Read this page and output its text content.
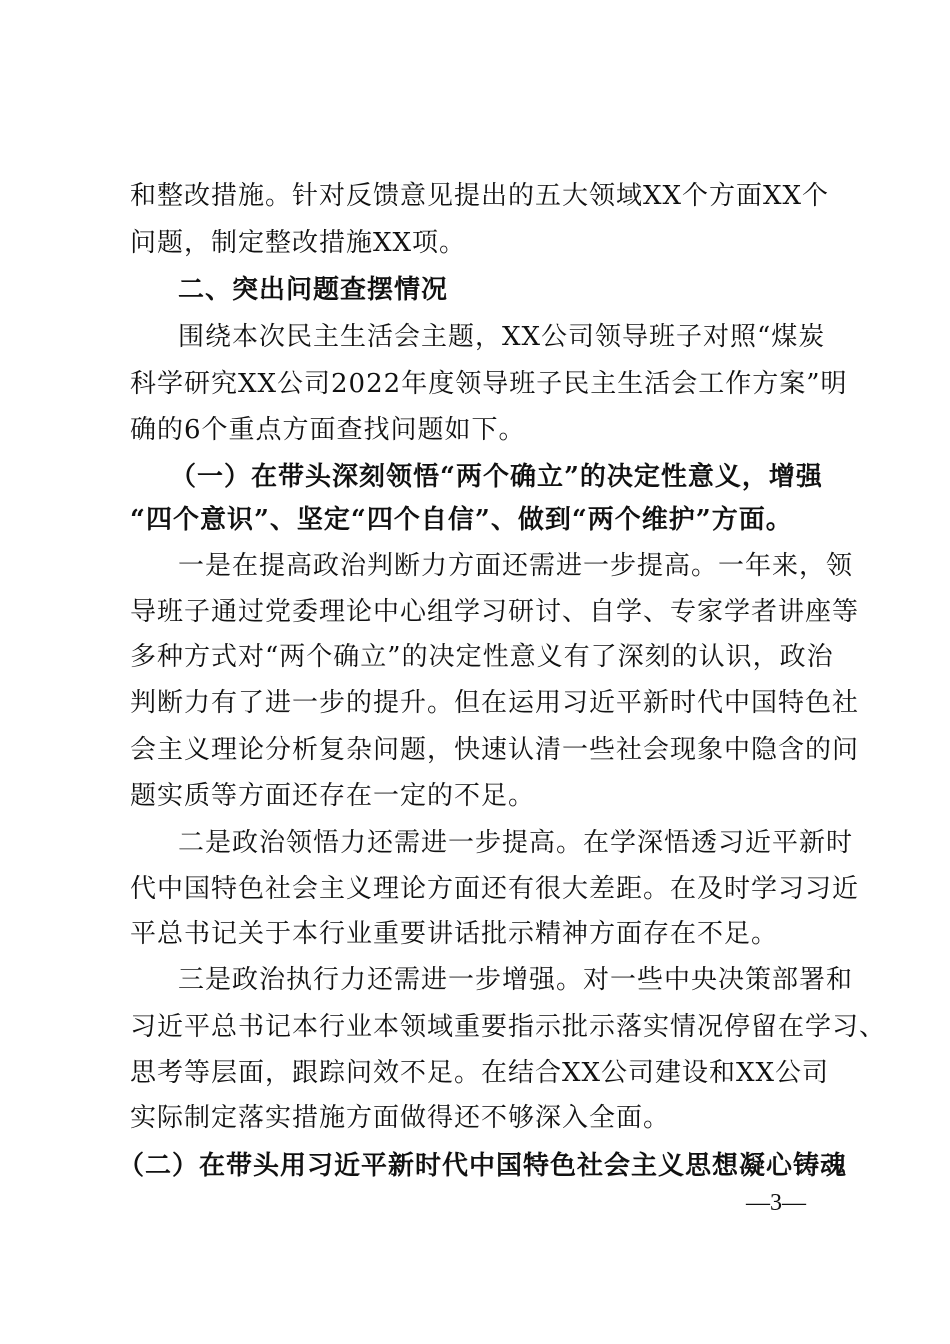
和整改措施。针对反馈意见提出的五大领域XX个方面XX个
问题，制定整改措施XX项。
二、突出问题查摆情况
围绕本次民主生活会主题，XX公司领导班子对照“煤炭
科学研究XX公司2022年度领导班子民主生活会工作方案”明
确的6个重点方面查找问题如下。
（一）在带头深刻领悟“两个确立”的决定性意义，增强
“四个意识”、坚定“四个自信”、做到“两个维护”方面。
一是在提高政治判断力方面还需进一步提高。一年来，领
导班子通过党委理论中心组学习研讨、自学、专家学者讲座等
多种方式对“两个确立”的决定性意义有了深刻的认识，政治
判断力有了进一步的提升。但在运用习近平新时代中国特色社
会主义理论分析复杂问题，快速认清一些社会现象中隐含的问
题实质等方面还存在一定的不足。
二是政治领悟力还需进一步提高。在学深悟透习近平新时
代中国特色社会主义理论方面还有很大差距。在及时学习习近
平总书记关于本行业重要讲话批示精神方面存在不足。
三是政治执行力还需进一步增强。对一些中央决策部署和
习近平总书记本行业本领域重要指示批示落实情况停留在学习、
思考等层面，跟踪问效不足。在结合XX公司建设和XX公司
实际制定落实措施方面做得还不够深入全面。
（二）在带头用习近平新时代中国特色社会主义思想凝心铸魂
—3—
